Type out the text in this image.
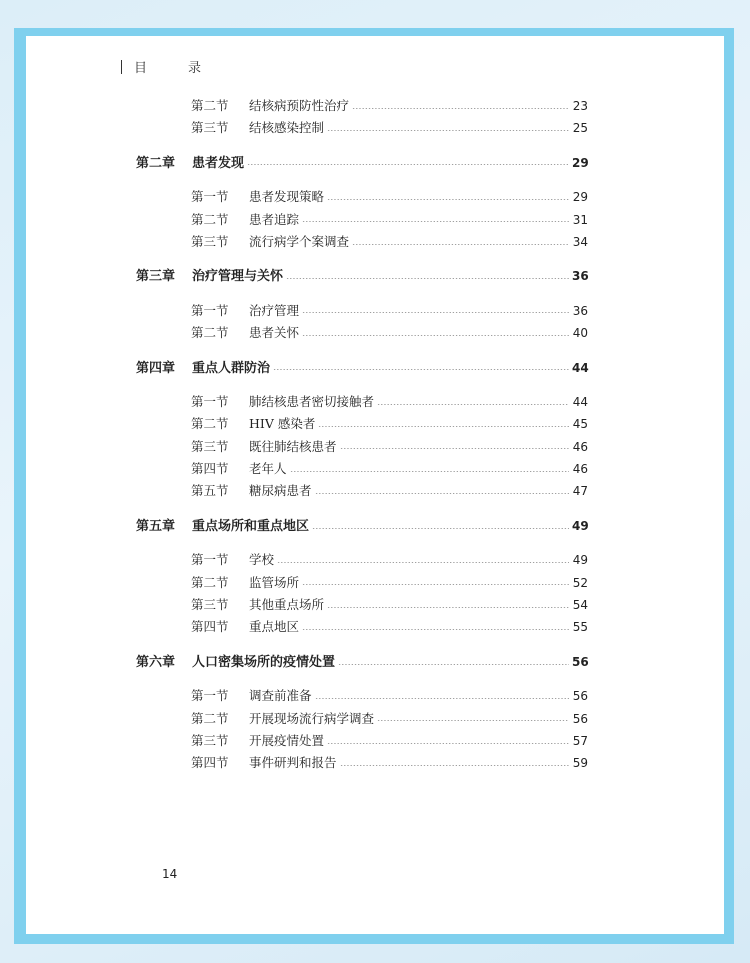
目　录
第二节	结核病预防性治疗	23
第三节	结核感染控制	25
第二章	患者发现	29
第一节	患者发现策略	29
第二节	患者追踪	31
第三节	流行病学个案调查	34
第三章	治疗管理与关怀	36
第一节	治疗管理	36
第二节	患者关怀	40
第四章	重点人群防治	44
第一节	肺结核患者密切接触者	44
第二节	HIV 感染者	45
第三节	既往肺结核患者	46
第四节	老年人	46
第五节	糖尿病患者	47
第五章	重点场所和重点地区	49
第一节	学校	49
第二节	监管场所	52
第三节	其他重点场所	54
第四节	重点地区	55
第六章	人口密集场所的疫情处置	56
第一节	调查前准备	56
第二节	开展现场流行病学调查	56
第三节	开展疫情处置	57
第四节	事件研判和报告	59
14
